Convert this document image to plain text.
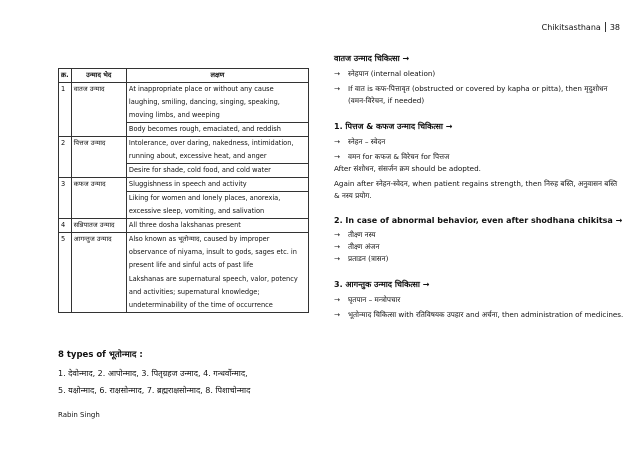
Chikitsasthana 38
क्र.	उन्माद भेद	लक्षण
1	वातज उन्माद	At inappropriate place or without any cause laughing, smiling, dancing, singing, speaking, moving limbs, and weeping
Body becomes rough, emaciated, and reddish

2	पित्तज उन्माद	Intolerance, over daring, nakedness, intimidation, running about, excessive heat, and anger
Desire for shade, cold food, and cold water

3	कफज उन्माद	Sluggishness in speech and activity
Liking for women and lonely places, anorexia, excessive sleep, vomiting, and salivation

4	सन्निपातज उन्माद	All three dosha lakshanas present

5	आगन्तुज उन्माद	Also known as भूतोन्माद, caused by improper observance of niyama, insult to gods, sages etc. in present life and sinful acts of past life
Lakshanas are supernatural speech, valor, potency and activities; supernatural knowledge; undeterminability of the time of occurrence
8 types of भूतोन्माद :
1. देवोन्माद, 2. आपोन्माद, 3. पितृग्रहज उन्माद, 4. गन्धर्वोन्माद,
5. यक्षोन्माद, 6. राक्षसोन्माद, 7. ब्रह्मराक्षसोन्माद, 8. पिशाचोन्माद
Rabin Singh
वातज उन्माद चिकित्सा →
→	स्नेहपान (internal oleation)
→	If वात is कफ-पित्तावृत (obstructed or covered by kapha or pitta), then मृदुशोधन (वमन-विरेचन, if needed)
1. पित्तज & कफज उन्माद चिकित्सा →
→	स्नेहन – स्वेदन
→	वमन for कफज & विरेचन for पित्तज
After संशोधन, संसर्जन क्रम should be adopted.
Again after स्नेहन-स्वेदन, when patient regains strength, then निरुह बस्ति, अनुवासन बस्ति & नस्य प्रयोग.
2. In case of abnormal behavior, even after shodhana chikitsa →
→	तीक्ष्ण नस्य
→	तीक्ष्ण अंजन
→	प्रताडन (त्रासन)
3. आगन्तुक उन्माद चिकित्सा →
→	घृतपान – मन्त्रोपचार
→	भूतोन्माद चिकित्सा with रतिविषयक उपहार and अर्चना, then administration of medicines.
